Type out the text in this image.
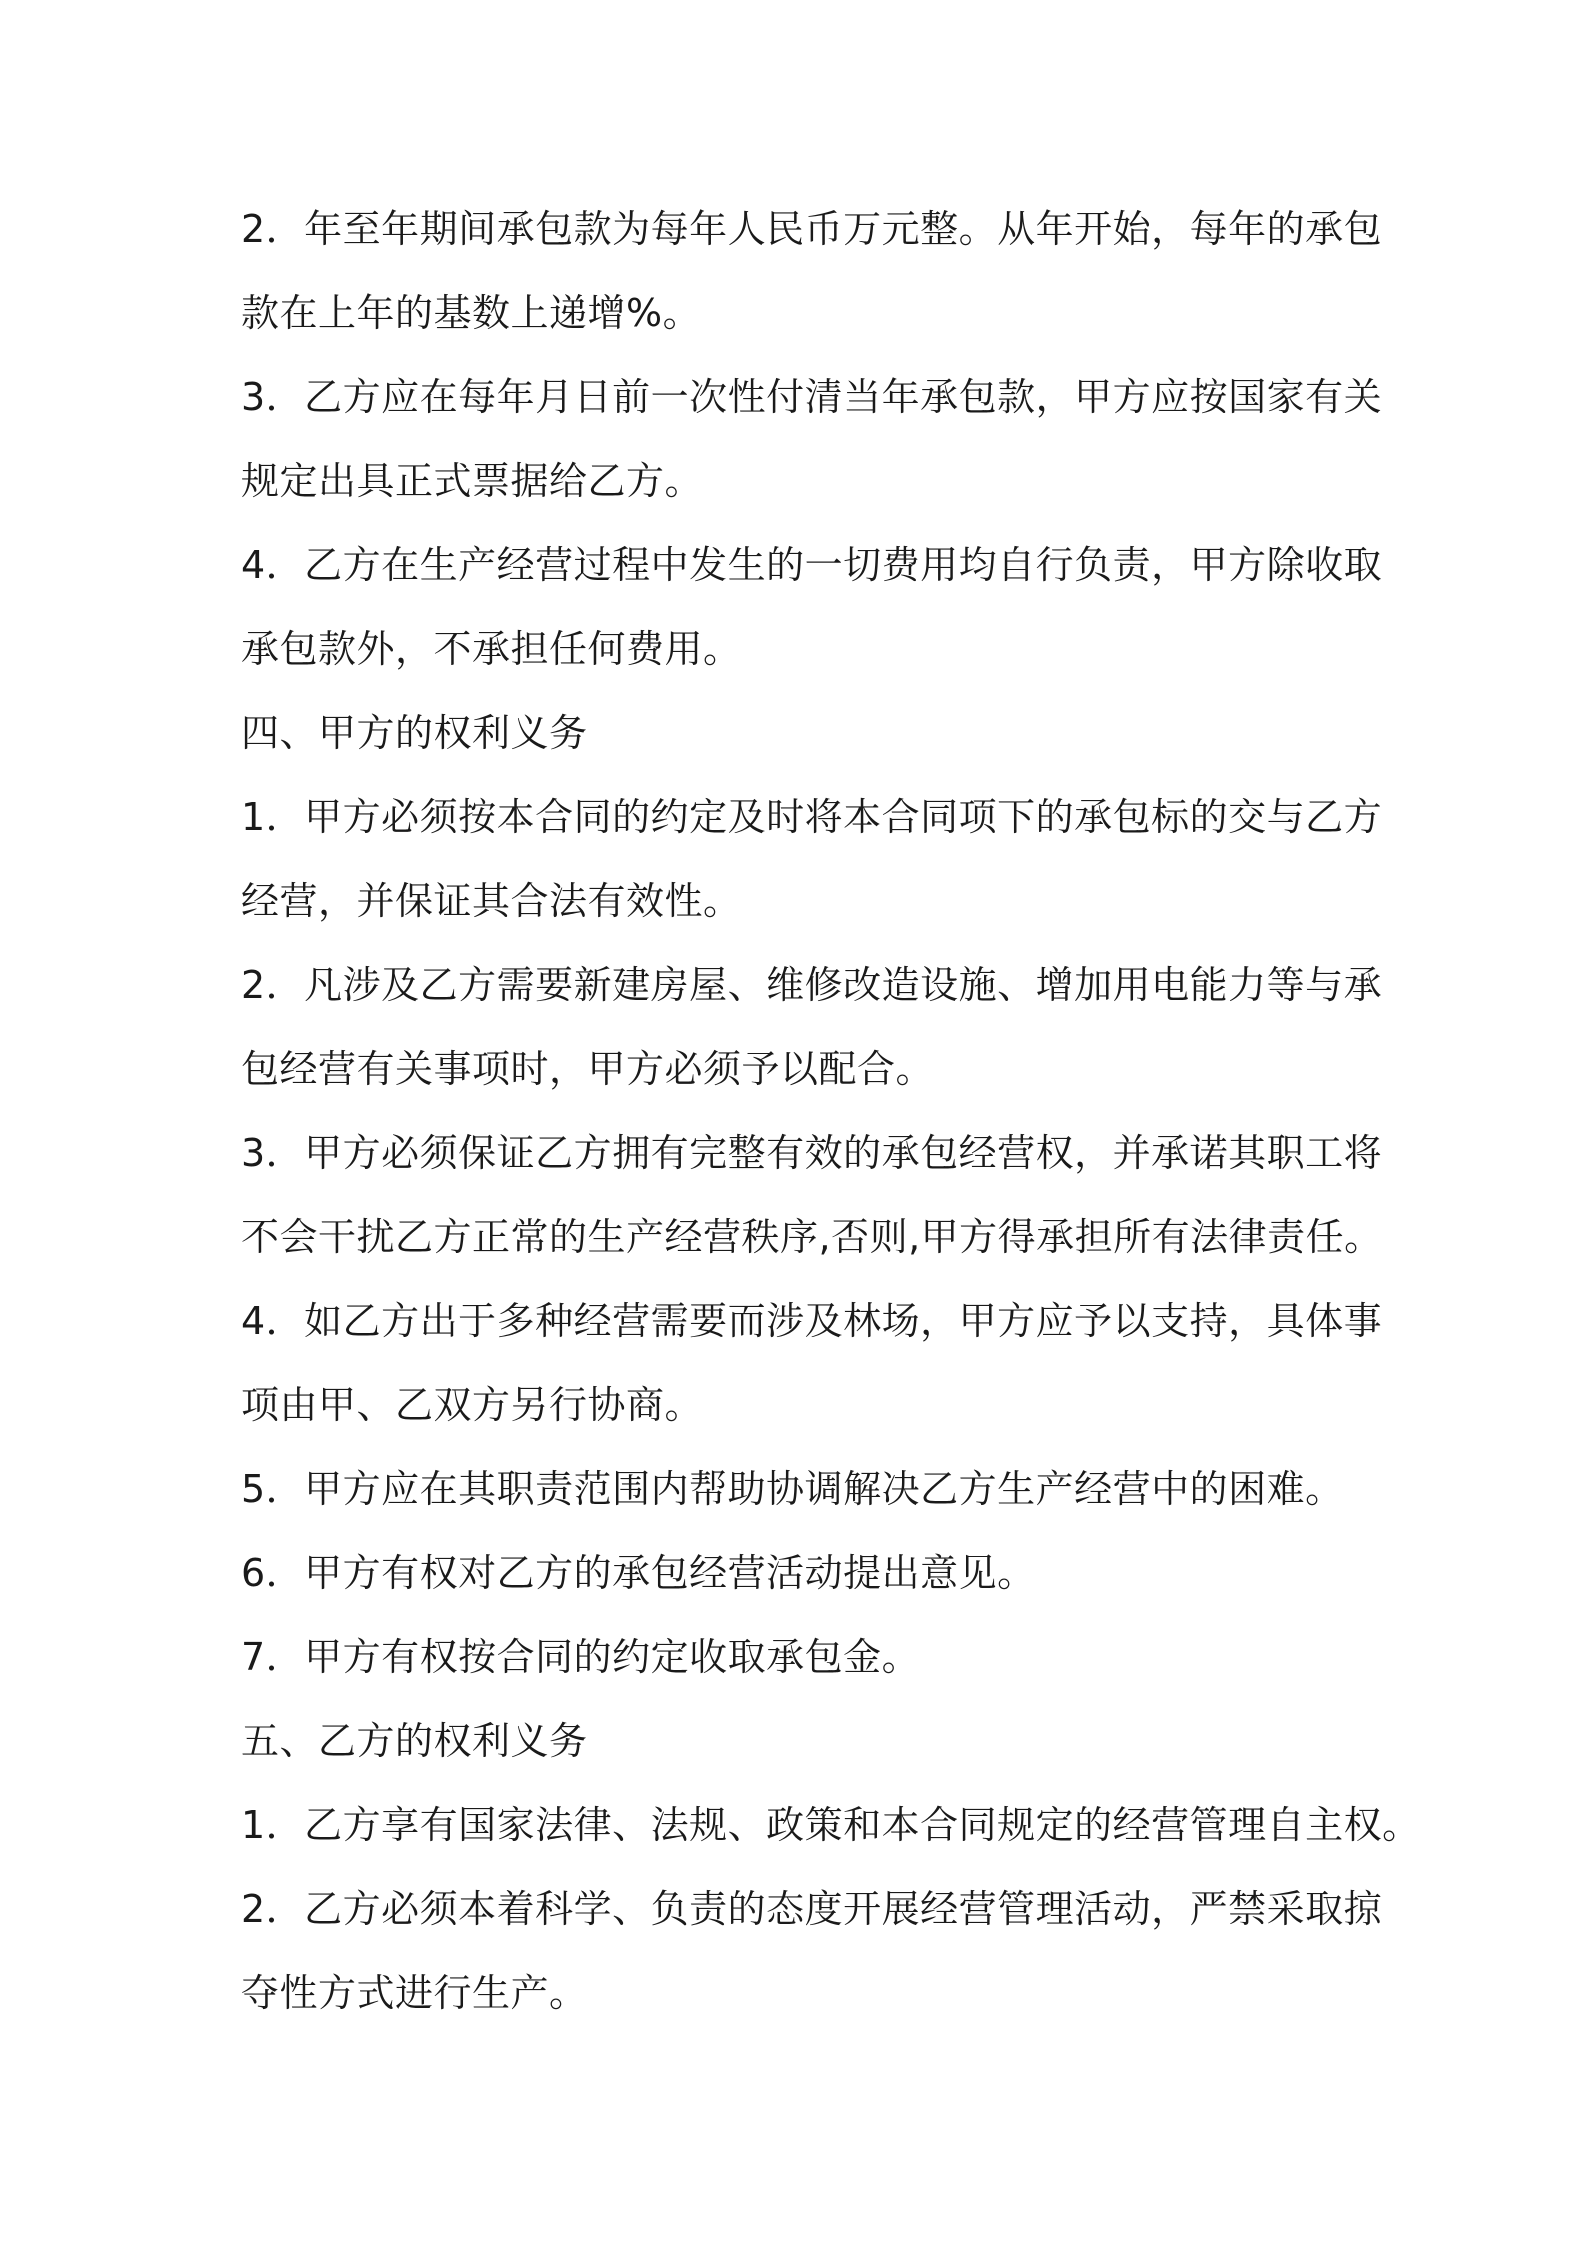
2．年至年期间承包款为每年人民币万元整。从年开始，每年的承包
款在上年的基数上递增%。
3．乙方应在每年月日前一次性付清当年承包款，甲方应按国家有关
规定出具正式票据给乙方。
4．乙方在生产经营过程中发生的一切费用均自行负责，甲方除收取
承包款外，不承担任何费用。
四、甲方的权利义务
1．甲方必须按本合同的约定及时将本合同项下的承包标的交与乙方
经营，并保证其合法有效性。
2．凡涉及乙方需要新建房屋、维修改造设施、增加用电能力等与承
包经营有关事项时，甲方必须予以配合。
3．甲方必须保证乙方拥有完整有效的承包经营权，并承诺其职工将
不会干扰乙方正常的生产经营秩序,否则,甲方得承担所有法律责任。
4．如乙方出于多种经营需要而涉及林场，甲方应予以支持，具体事
项由甲、乙双方另行协商。
5．甲方应在其职责范围内帮助协调解决乙方生产经营中的困难。
6．甲方有权对乙方的承包经营活动提出意见。
7．甲方有权按合同的约定收取承包金。
五、乙方的权利义务
1．乙方享有国家法律、法规、政策和本合同规定的经营管理自主权。
2．乙方必须本着科学、负责的态度开展经营管理活动，严禁采取掠
夺性方式进行生产。
